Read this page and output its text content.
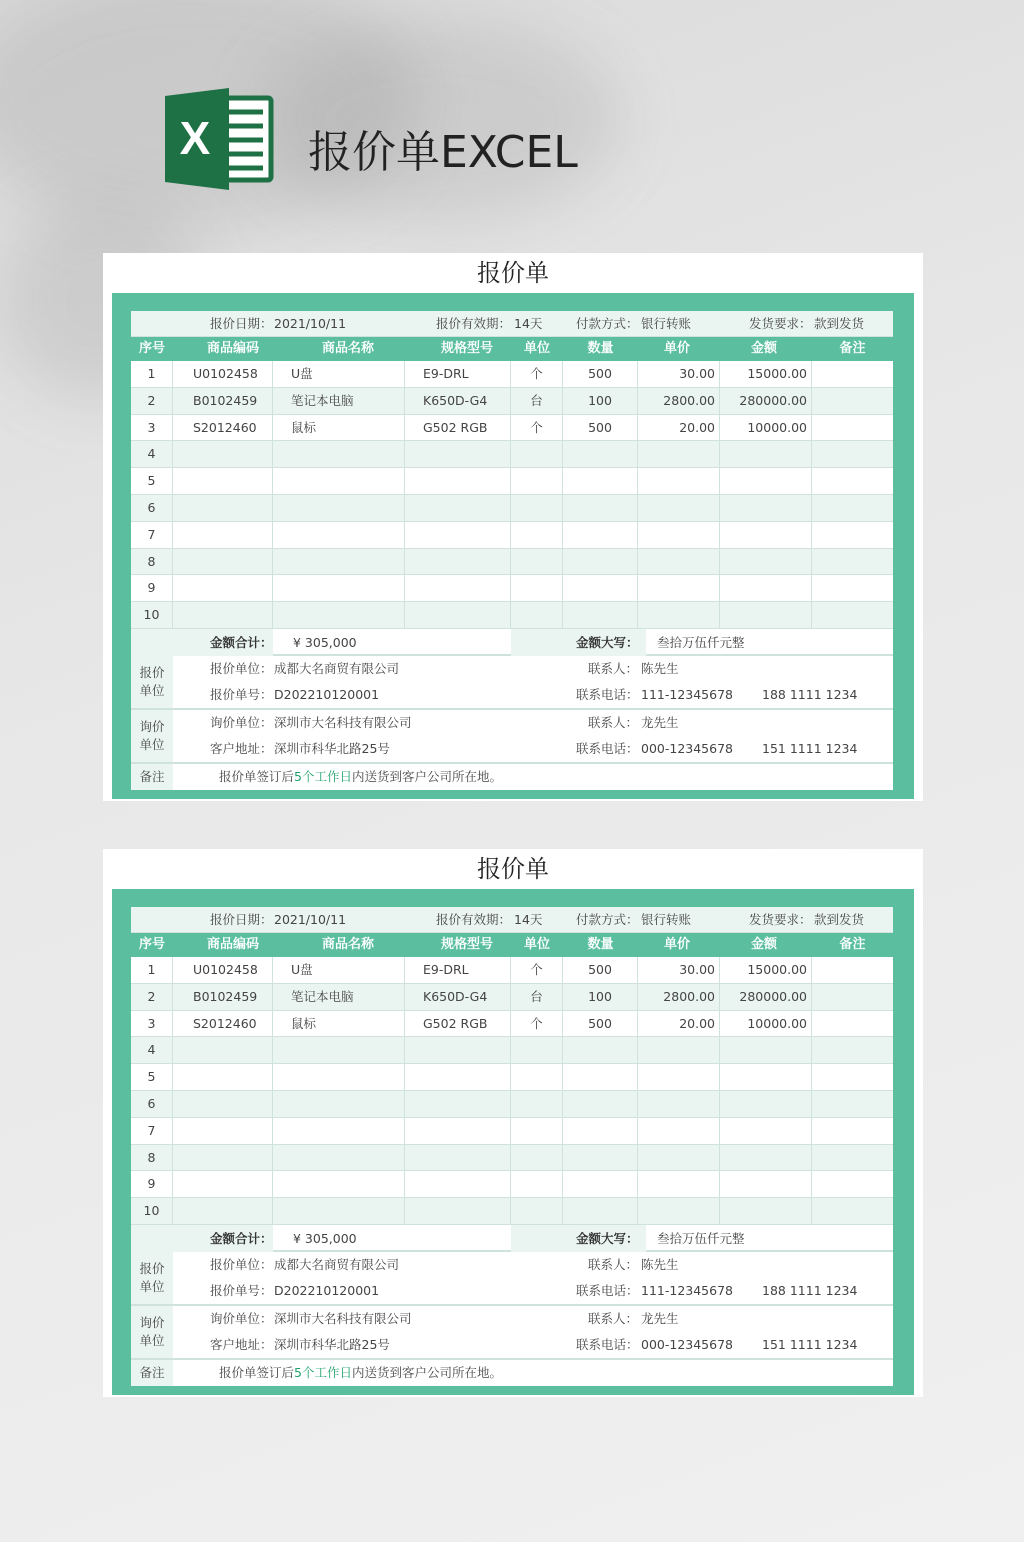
X 报价单EXCEL
报价单
报价日期： 2021/10/11	报价有效期： 14天	付款方式： 银行转账	发货要求： 款到发货
序号	商品编码	商品名称	规格型号	单位	数量	单价	金额	备注
1	U0102458	U盘	E9-DRL	个	500	30.00	15000.00
2	B0102459	笔记本电脑	K650D-G4	台	100	2800.00	280000.00
3	S2012460	鼠标	G502 RGB	个	500	20.00	10000.00
4
5
6
7
8
9
10
金额合计： ¥ 305,000	金额大写： 叁拾万伍仟元整
报价
单位
报价单位： 成都大名商贸有限公司	联系人： 陈先生
报价单号： D202210120001	联系电话： 111-12345678 188 1111 1234
询价
单位
询价单位： 深圳市大名科技有限公司	联系人： 龙先生
客户地址： 深圳市科华北路25号	联系电话： 000-12345678 151 1111 1234
备注	报价单签订后5个工作日内送货到客户公司所在地。
报价单
报价日期： 2021/10/11	报价有效期： 14天	付款方式： 银行转账	发货要求： 款到发货
序号	商品编码	商品名称	规格型号	单位	数量	单价	金额	备注
1	U0102458	U盘	E9-DRL	个	500	30.00	15000.00
2	B0102459	笔记本电脑	K650D-G4	台	100	2800.00	280000.00
3	S2012460	鼠标	G502 RGB	个	500	20.00	10000.00
4
5
6
7
8
9
10
金额合计： ¥ 305,000	金额大写： 叁拾万伍仟元整
报价
单位
报价单位： 成都大名商贸有限公司	联系人： 陈先生
报价单号： D202210120001	联系电话： 111-12345678 188 1111 1234
询价
单位
询价单位： 深圳市大名科技有限公司	联系人： 龙先生
客户地址： 深圳市科华北路25号	联系电话： 000-12345678 151 1111 1234
备注	报价单签订后5个工作日内送货到客户公司所在地。
